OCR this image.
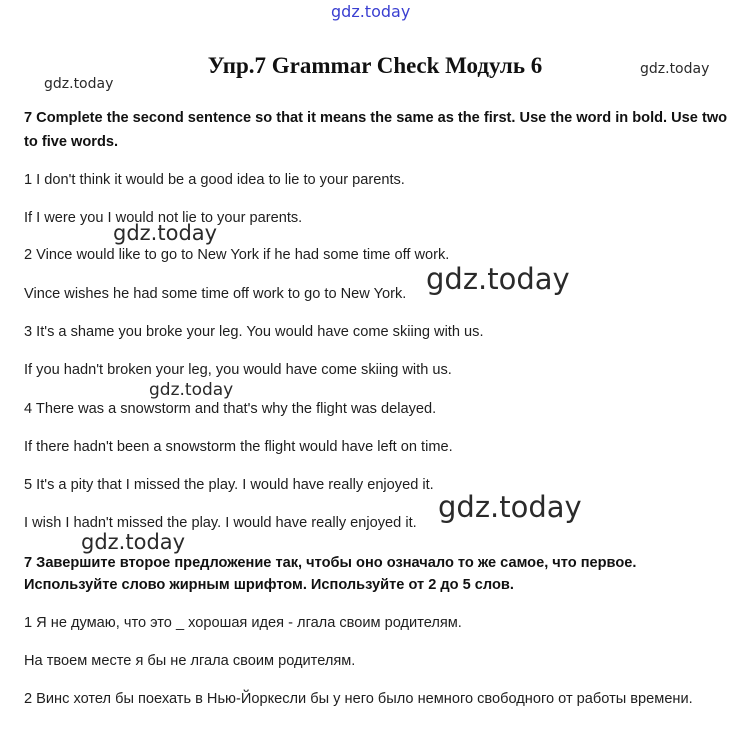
gdz.today
gdz.today
gdz.today
gdz.today
gdz.today
gdz.today
gdz.today
gdz.today
Упр.7 Grammar Check Модуль 6
7 Complete the second sentence so that it means the same as the first. Use the word in bold. Use two
to five words.
1 I don't think it would be a good idea to lie to your parents.
If I were you I would not lie to your parents.
2 Vince would like to go to New York if he had some time off work.
Vince wishes he had some time off work to go to New York.
3 It's a shame you broke your leg. You would have come skiing with us.
If you hadn't broken your leg, you would have come skiing with us.
4 There was a snowstorm and that's why the flight was delayed.
If there hadn't been a snowstorm the flight would have left on time.
5 It's a pity that I missed the play. I would have really enjoyed it.
I wish I hadn't missed the play. I would have really enjoyed it.
7 Завершите второе предложение так, чтобы оно означало то же самое, что первое.
Используйте слово жирным шрифтом. Используйте от 2 до 5 слов.
1 Я не думаю, что это _ хорошая идея - лгала своим родителям.
На твоем месте я бы не лгала своим родителям.
2 Винс хотел бы поехать в Нью-Йоркесли бы у него было немного свободного от работы времени.
